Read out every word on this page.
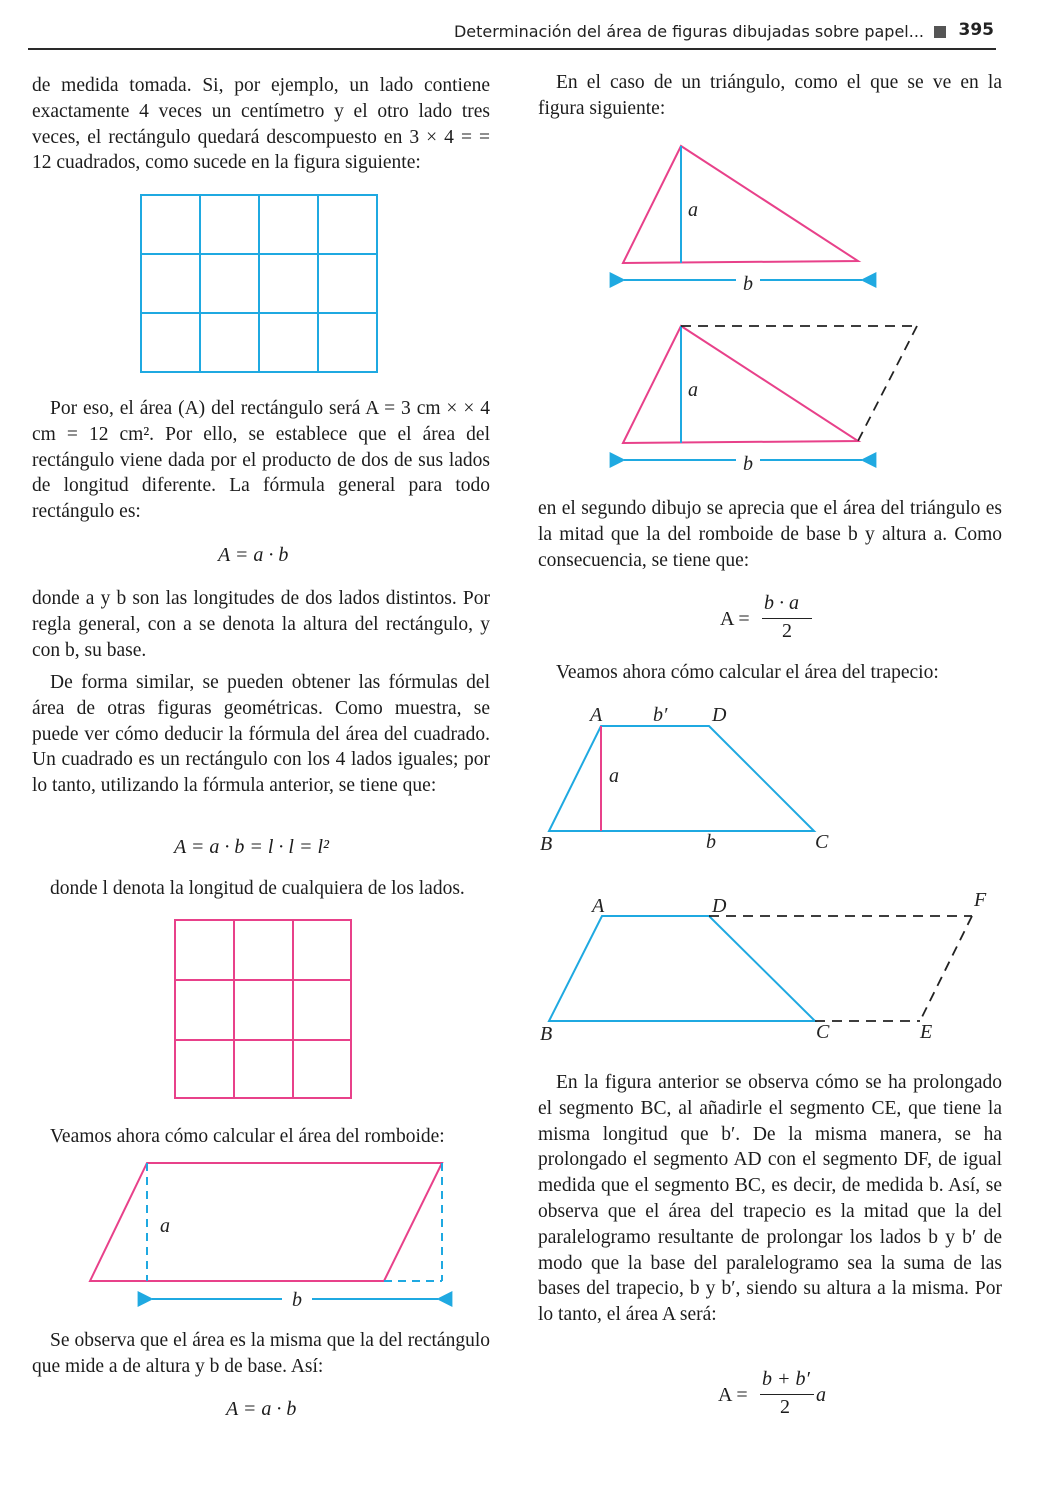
Determinación del área de figuras dibujadas sobre papel... 395

de medida tomada. Si, por ejemplo, un lado contiene exactamente 4 veces un centímetro y el otro lado tres veces, el rectángulo quedará descompuesto en 3 × 4 = = 12 cuadrados, como sucede en la figura siguiente:

Por eso, el área (A) del rectángulo será A = 3 cm × × 4 cm = 12 cm². Por ello, se establece que el área del rectángulo viene dada por el producto de dos de sus lados de longitud diferente. La fórmula general para todo rectángulo es:

A = a · b

donde a y b son las longitudes de dos lados distintos. Por regla general, con a se denota la altura del rectángulo, y con b, su base.

De forma similar, se pueden obtener las fórmulas del área de otras figuras geométricas. Como muestra, se puede ver cómo deducir la fórmula del área del cuadrado. Un cuadrado es un rectángulo con los 4 lados iguales; por lo tanto, utilizando la fórmula anterior, se tiene que:

A = a · b = l · l = l²

donde l denota la longitud de cualquiera de los lados.

Veamos ahora cómo calcular el área del romboide:

Se observa que el área es la misma que la del rectángulo que mide a de altura y b de base. Así:

A = a · b

En el caso de un triángulo, como el que se ve en la figura siguiente:

en el segundo dibujo se aprecia que el área del triángulo es la mitad que la del romboide de base b y altura a. Como consecuencia, se tiene que:

A =
b · a
2

Veamos ahora cómo calcular el área del trapecio:

En la figura anterior se observa cómo se ha prolongado el segmento BC, al añadirle el segmento CE, que tiene la misma longitud que b′. De la misma manera, se ha prolongado el segmento AD con el segmento DF, de igual medida que el segmento BC, es decir, de medida b. Así, se observa que el área del trapecio es la mitad que la del paralelogramo resultante de prolongar los lados b y b′ de modo que la base del paralelogramo sea la suma de las bases del trapecio, b y b′, siendo su altura a la misma. Por lo tanto, el área A será:

A =
b + b′
2
a
a
b
a
b
a
b
A	b′ D
a
B	b	C
A	D	F
B	C	E
